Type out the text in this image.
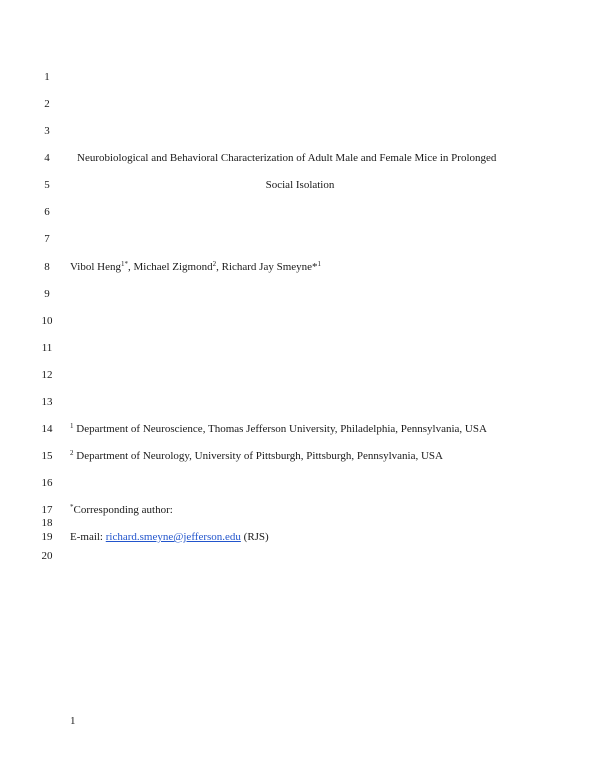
1
2
3
4
5
6
7
8
9
10
11
12
13
14
15
16
17
18
19
20
Neurobiological and Behavioral Characterization of Adult Male and Female Mice in Prolonged
Social Isolation
Vibol Heng$^{1*}$, Michael Zigmond$^2$, Richard Jay Smeyne*$^1$
$^1$ Department of Neuroscience, Thomas Jefferson University, Philadelphia, Pennsylvania, USA
$^2$ Department of Neurology, University of Pittsburgh, Pittsburgh, Pennsylvania, USA
*Corresponding author:
E-mail: richard.smeyne@jefferson.edu (RJS)
1
